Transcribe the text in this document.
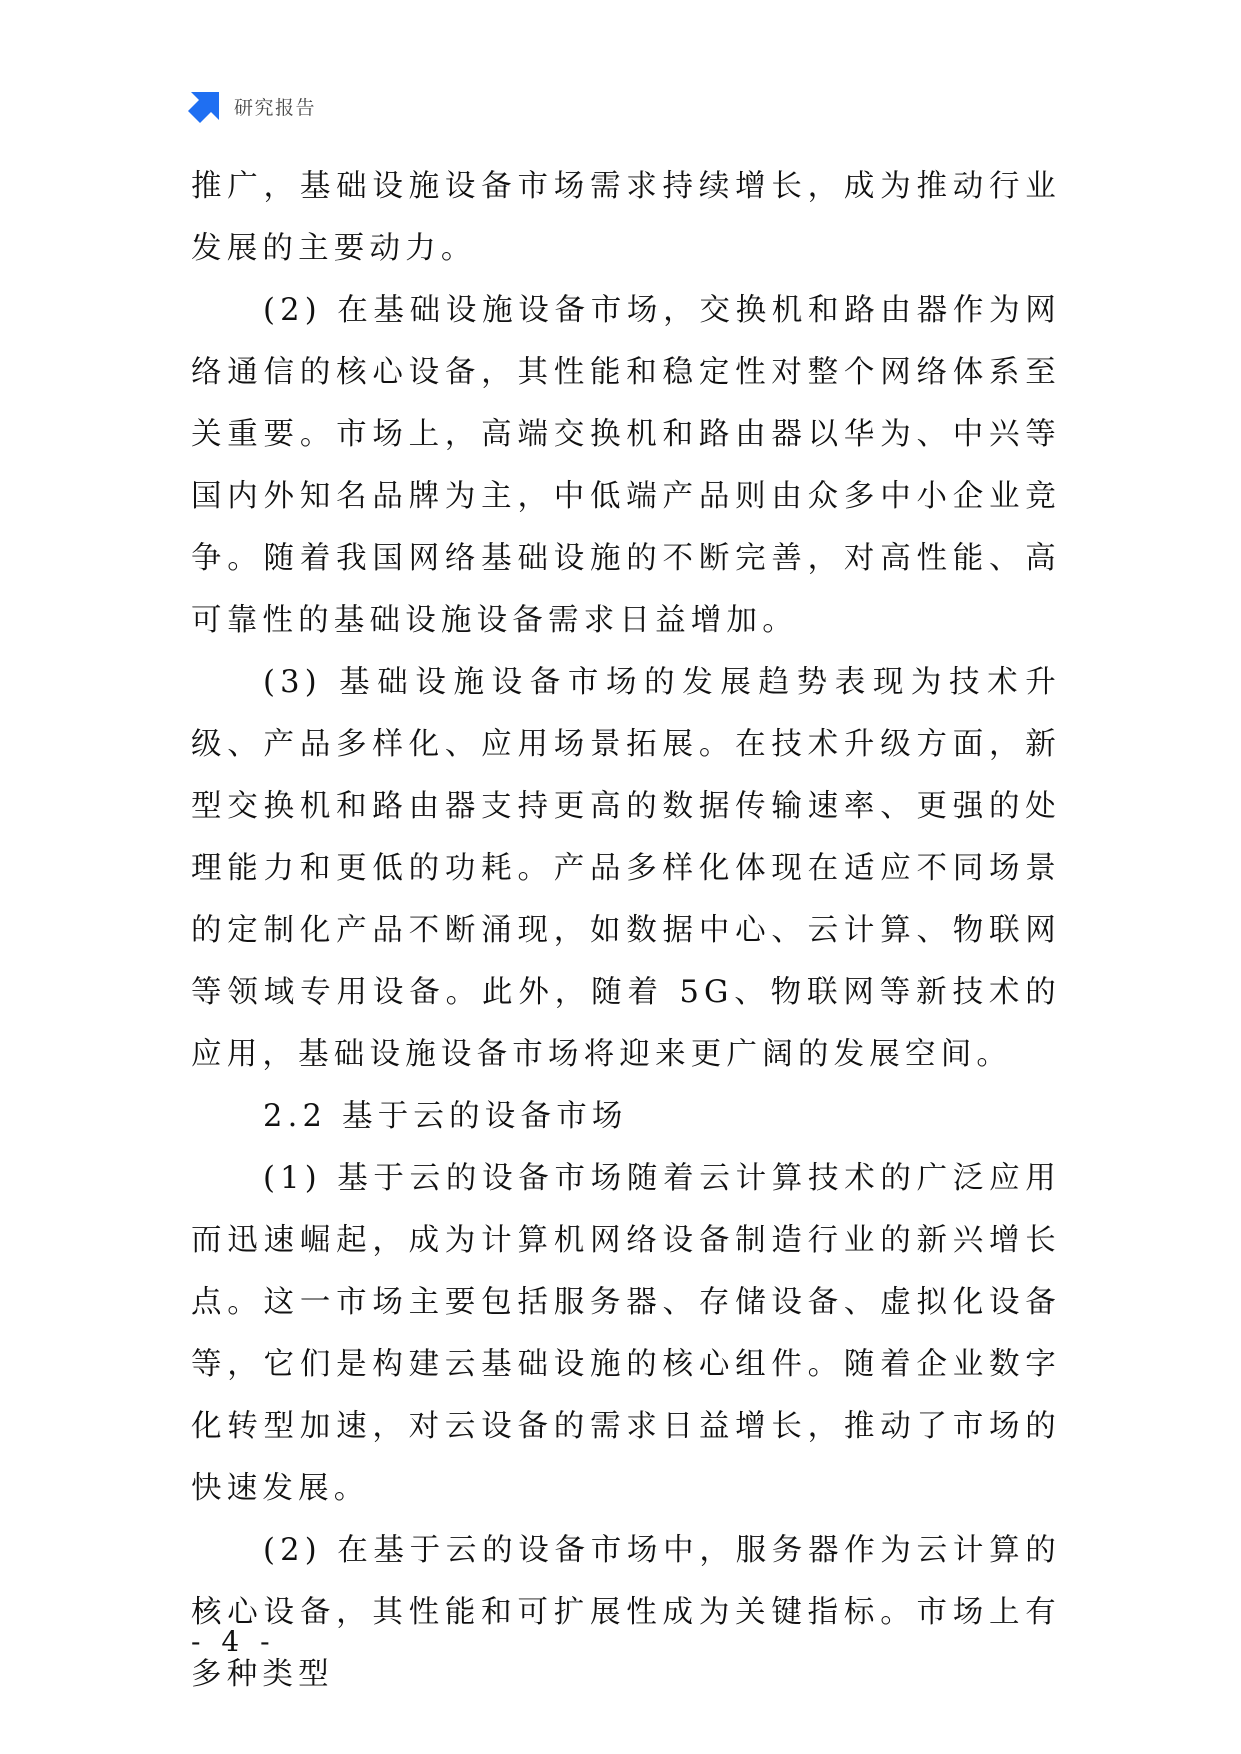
研究报告

推广，基础设施设备市场需求持续增长，成为推动行业发展的主要动力。

(2) 在基础设施设备市场，交换机和路由器作为网络通信的核心设备，其性能和稳定性对整个网络体系至关重要。市场上，高端交换机和路由器以华为、中兴等国内外知名品牌为主，中低端产品则由众多中小企业竞争。随着我国网络基础设施的不断完善，对高性能、高可靠性的基础设施设备需求日益增加。

(3) 基础设施设备市场的发展趋势表现为技术升级、产品多样化、应用场景拓展。在技术升级方面，新型交换机和路由器支持更高的数据传输速率、更强的处理能力和更低的功耗。产品多样化体现在适应不同场景的定制化产品不断涌现，如数据中心、云计算、物联网等领域专用设备。此外，随着 5G、物联网等新技术的应用，基础设施设备市场将迎来更广阔的发展空间。

2.2 基于云的设备市场

(1) 基于云的设备市场随着云计算技术的广泛应用而迅速崛起，成为计算机网络设备制造行业的新兴增长点。这一市场主要包括服务器、存储设备、虚拟化设备等，它们是构建云基础设施的核心组件。随着企业数字化转型加速，对云设备的需求日益增长，推动了市场的快速发展。

(2) 在基于云的设备市场中，服务器作为云计算的核心设备，其性能和可扩展性成为关键指标。市场上有多种类型

- 4 -
